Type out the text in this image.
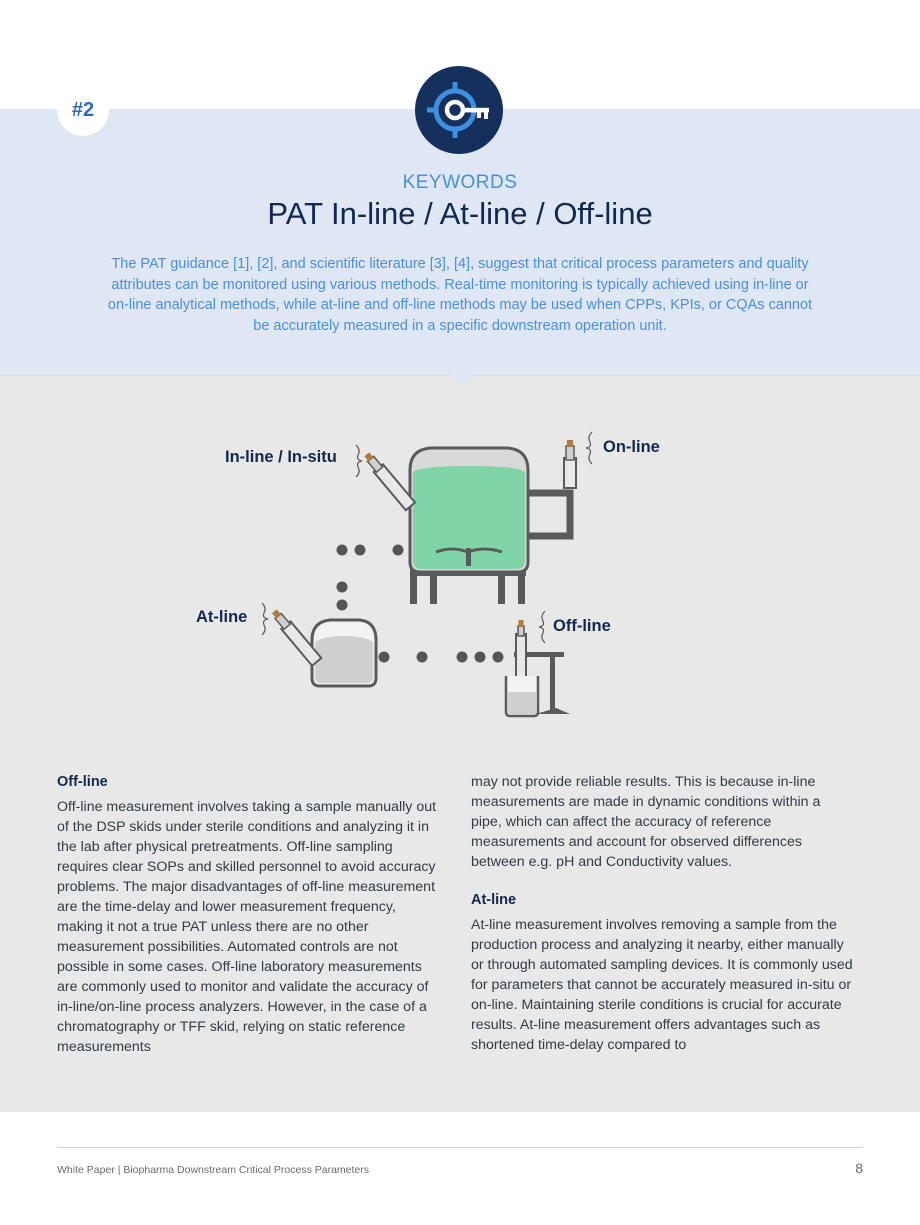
#2
KEYWORDS
PAT In-line / At-line / Off-line

The PAT guidance [1], [2], and scientific literature [3], [4], suggest that critical process parameters and quality attributes can be monitored using various methods. Real-time monitoring is typically achieved using in-line or on-line analytical methods, while at-line and off-line methods may be used when CPPs, KPIs, or CQAs cannot be accurately measured in a specific downstream operation unit.

In-line / In-situ
On-line
At-line	Off-line
Off-line

Off-line measurement involves taking a sample manually out of the DSP skids under sterile conditions and analyzing it in the lab after physical pretreatments. Off-line sampling requires clear SOPs and skilled personnel to avoid accuracy problems. The major disadvantages of off-line measurement are the time-delay and lower measurement frequency, making it not a true PAT unless there are no other measurement possibilities. Automated controls are not possible in some cases. Off-line laboratory measurements are commonly used to monitor and validate the accuracy of in-line/on-line process analyzers. However, in the case of a chromatography or TFF skid, relying on static reference measurements

may not provide reliable results. This is because in-line measurements are made in dynamic conditions within a pipe, which can affect the accuracy of reference measurements and account for observed differences between e.g. pH and Conductivity values.

At-line

At-line measurement involves removing a sample from the production process and analyzing it nearby, either manually or through automated sampling devices. It is commonly used for parameters that cannot be accurately measured in-situ or on-line. Maintaining sterile conditions is crucial for accurate results. At-line measurement offers advantages such as shortened time-delay compared to

White Paper | Biopharma Downstream Critical Process Parameters	8
